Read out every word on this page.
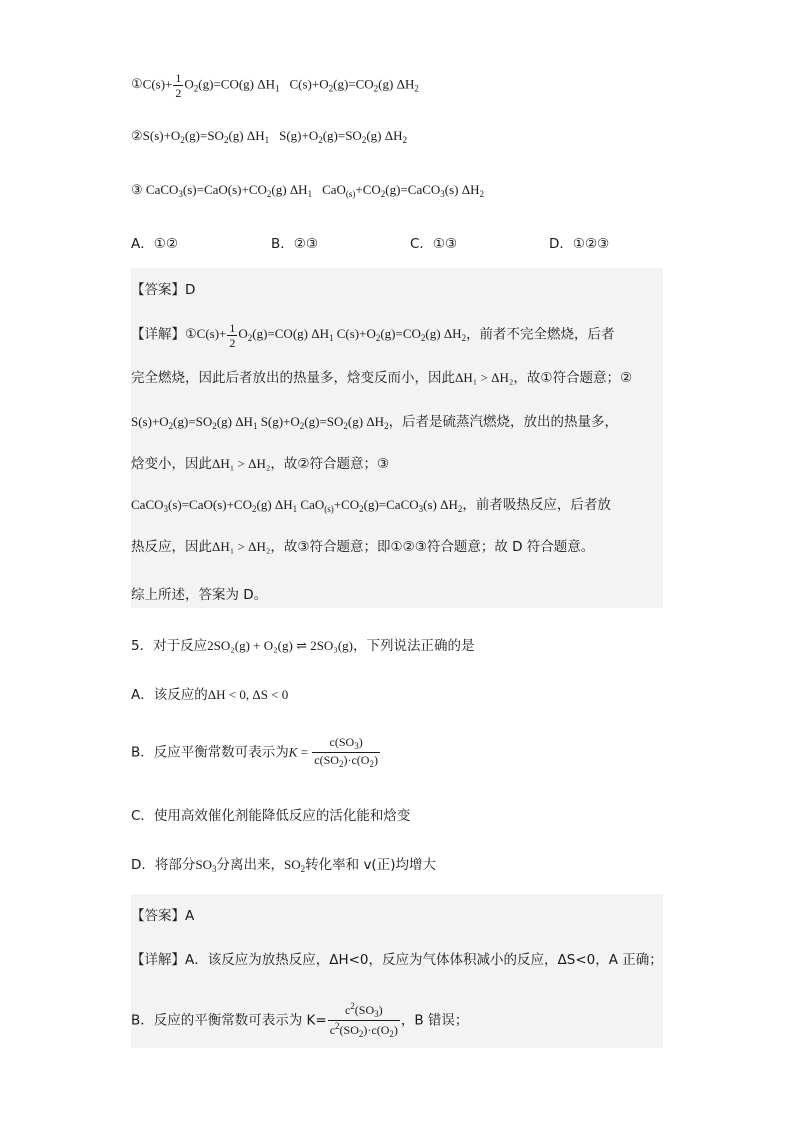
①C(s)+ $\frac{1}{2} O_2(g)=CO(g)$ $\Delta H_1$ $C(s)+O_2(g)=CO_2(g)$ $\Delta H_2$
$②S(s)+O_2(g)=SO_2(g)$ $\Delta H_1$ $S(g)+O_2(g)=SO_2(g)$ $\Delta H_2$
③ $CaCO_3(s)=CaO(s)+CO_2(g)$ $\Delta H_1$ $CaO_{(s)}+CO_2(g)=CaCO_3(s)$ $\Delta H_2$
A．①②	B．②③	C．①③	D．①②③
【答案】D
【详解】①C(s)+ $\frac{1}{2} O_2(g)=CO(g)$ $\Delta H_1$ $C(s)+O_2(g)=CO_2(g)$ $\Delta H_2$，前者不完全燃烧，后者
完全燃烧，因此后者放出的热量多，焓变反而小，因此ΔH₁ > ΔH₂，故①符合题意；②
$S(s)+O_2(g)=SO_2(g)$ $\Delta H_1$ $S(g)+O_2(g)=SO_2(g)$ $\Delta H_2$，后者是硫蒸汽燃烧，放出的热量多，
焓变小，因此ΔH₁ > ΔH₂，故②符合题意；③
$CaCO_3(s)=CaO(s)+CO_2(g)$ $\Delta H_1$ $CaO_{(s)}+CO_2(g)=CaCO_3(s)$ $\Delta H_2$，前者吸热反应，后者放
热反应，因此ΔH₁ > ΔH₂，故③符合题意；即①②③符合题意；故 D 符合题意。
综上所述，答案为 D。
5．对于反应2SO₂(g) + O₂(g) ⇌ 2SO₃(g)，下列说法正确的是
A．该反应的ΔH < 0, ΔS < 0
B．反应平衡常数可表示为$K = \frac{c(SO_3)}{c(SO_2)\cdot c(O_2)}$
C．使用高效催化剂能降低反应的活化能和焓变
D．将部分$SO_3$分离出来，$SO_2$转化率和 v(正)均增大
【答案】A
【详解】A．该反应为放热反应，ΔH<0，反应为气体体积减小的反应，ΔS<0，A 正确；
B．反应的平衡常数可表示为 $K= \frac{c^2(SO_3)}{c^2(SO_2)\cdot c(O_2)}$ ，B 错误；
